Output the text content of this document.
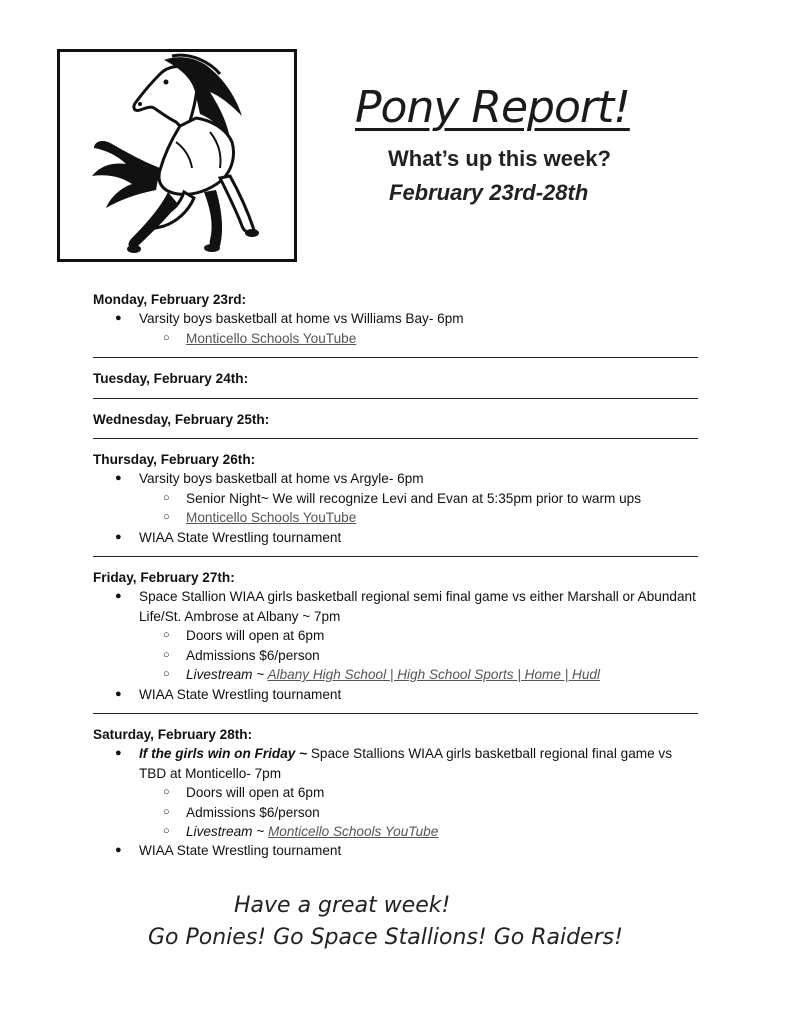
Pony Report!
What’s up this week?
February 23rd-28th
Monday, February 23rd:
● Varsity boys basketball at home vs Williams Bay- 6pm
○ Monticello Schools YouTube
Tuesday, February 24th:
Wednesday, February 25th:
Thursday, February 26th:
● Varsity boys basketball at home vs Argyle- 6pm
○ Senior Night~ We will recognize Levi and Evan at 5:35pm prior to warm ups
○ Monticello Schools YouTube
● WIAA State Wrestling tournament
Friday, February 27th:
● Space Stallion WIAA girls basketball regional semi final game vs either Marshall or Abundant Life/St. Ambrose at Albany ~ 7pm
○ Doors will open at 6pm
○ Admissions $6/person
○ Livestream ~ Albany High School | High School Sports | Home | Hudl
● WIAA State Wrestling tournament
Saturday, February 28th:
● If the girls win on Friday ~ Space Stallions WIAA girls basketball regional final game vs TBD at Monticello- 7pm
○ Doors will open at 6pm
○ Admissions $6/person
○ Livestream ~ Monticello Schools YouTube
● WIAA State Wrestling tournament
Have a great week!
Go Ponies! Go Space Stallions! Go Raiders!
